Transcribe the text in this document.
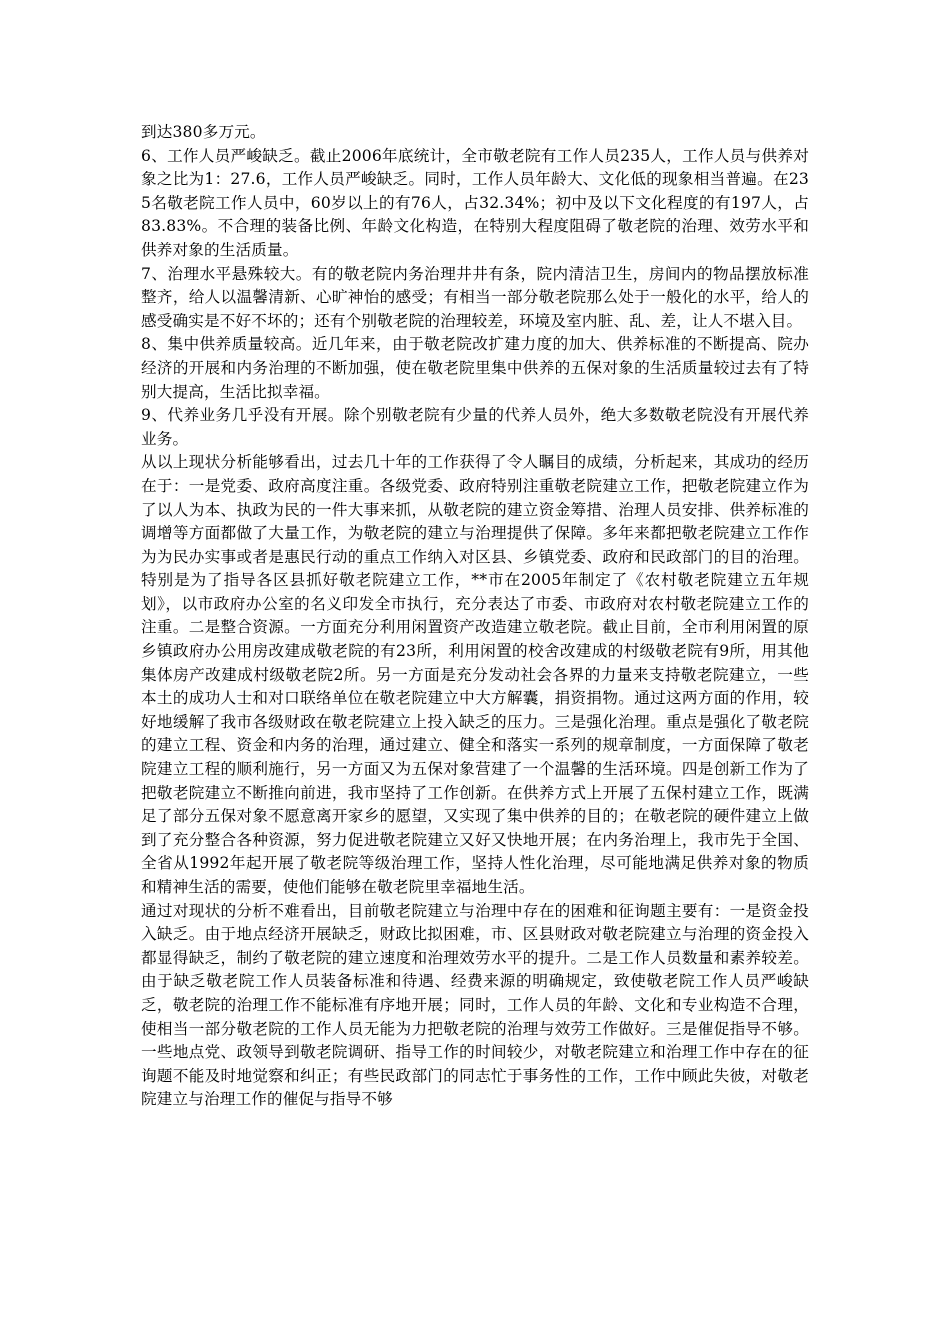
到达380多万元。

6、工作人员严峻缺乏。截止2006年底统计，全市敬老院有工作人员235人，工作人员与供养对象之比为1：27.6，工作人员严峻缺乏。同时，工作人员年龄大、文化低的现象相当普遍。在235名敬老院工作人员中，60岁以上的有76人，占32.34%；初中及以下文化程度的有197人，占83.83%。不合理的装备比例、年龄文化构造，在特别大程度阻碍了敬老院的治理、效劳水平和供养对象的生活质量。

7、治理水平悬殊较大。有的敬老院内务治理井井有条，院内清洁卫生，房间内的物品摆放标准整齐，给人以温馨清新、心旷神怡的感受；有相当一部分敬老院那么处于一般化的水平，给人的感受确实是不好不坏的；还有个别敬老院的治理较差，环境及室内脏、乱、差，让人不堪入目。

8、集中供养质量较高。近几年来，由于敬老院改扩建力度的加大、供养标准的不断提高、院办经济的开展和内务治理的不断加强，使在敬老院里集中供养的五保对象的生活质量较过去有了特别大提高，生活比拟幸福。

9、代养业务几乎没有开展。除个别敬老院有少量的代养人员外，绝大多数敬老院没有开展代养业务。

从以上现状分析能够看出，过去几十年的工作获得了令人瞩目的成绩，分析起来，其成功的经历在于：一是党委、政府高度注重。各级党委、政府特别注重敬老院建立工作，把敬老院建立作为了以人为本、执政为民的一件大事来抓，从敬老院的建立资金筹措、治理人员安排、供养标准的调增等方面都做了大量工作，为敬老院的建立与治理提供了保障。多年来都把敬老院建立工作作为为民办实事或者是惠民行动的重点工作纳入对区县、乡镇党委、政府和民政部门的目的治理。特别是为了指导各区县抓好敬老院建立工作，**市在2005年制定了《农村敬老院建立五年规划》，以市政府办公室的名义印发全市执行，充分表达了市委、市政府对农村敬老院建立工作的注重。二是整合资源。一方面充分利用闲置资产改造建立敬老院。截止目前，全市利用闲置的原乡镇政府办公用房改建成敬老院的有23所，利用闲置的校舍改建成的村级敬老院有9所，用其他集体房产改建成村级敬老院2所。另一方面是充分发动社会各界的力量来支持敬老院建立，一些本土的成功人士和对口联络单位在敬老院建立中大方解囊，捐资捐物。通过这两方面的作用，较好地缓解了我市各级财政在敬老院建立上投入缺乏的压力。三是强化治理。重点是强化了敬老院的建立工程、资金和内务的治理，通过建立、健全和落实一系列的规章制度，一方面保障了敬老院建立工程的顺利施行，另一方面又为五保对象营建了一个温馨的生活环境。四是创新工作为了把敬老院建立不断推向前进，我市坚持了工作创新。在供养方式上开展了五保村建立工作，既满足了部分五保对象不愿意离开家乡的愿望，又实现了集中供养的目的；在敬老院的硬件建立上做到了充分整合各种资源，努力促进敬老院建立又好又快地开展；在内务治理上，我市先于全国、全省从1992年起开展了敬老院等级治理工作，坚持人性化治理，尽可能地满足供养对象的物质和精神生活的需要，使他们能够在敬老院里幸福地生活。

通过对现状的分析不难看出，目前敬老院建立与治理中存在的困难和征询题主要有：一是资金投入缺乏。由于地点经济开展缺乏，财政比拟困难，市、区县财政对敬老院建立与治理的资金投入都显得缺乏，制约了敬老院的建立速度和治理效劳水平的提升。二是工作人员数量和素养较差。由于缺乏敬老院工作人员装备标准和待遇、经费来源的明确规定，致使敬老院工作人员严峻缺乏，敬老院的治理工作不能标准有序地开展；同时，工作人员的年龄、文化和专业构造不合理，使相当一部分敬老院的工作人员无能为力把敬老院的治理与效劳工作做好。三是催促指导不够。一些地点党、政领导到敬老院调研、指导工作的时间较少，对敬老院建立和治理工作中存在的征询题不能及时地觉察和纠正；有些民政部门的同志忙于事务性的工作，工作中顾此失彼，对敬老院建立与治理工作的催促与指导不够
